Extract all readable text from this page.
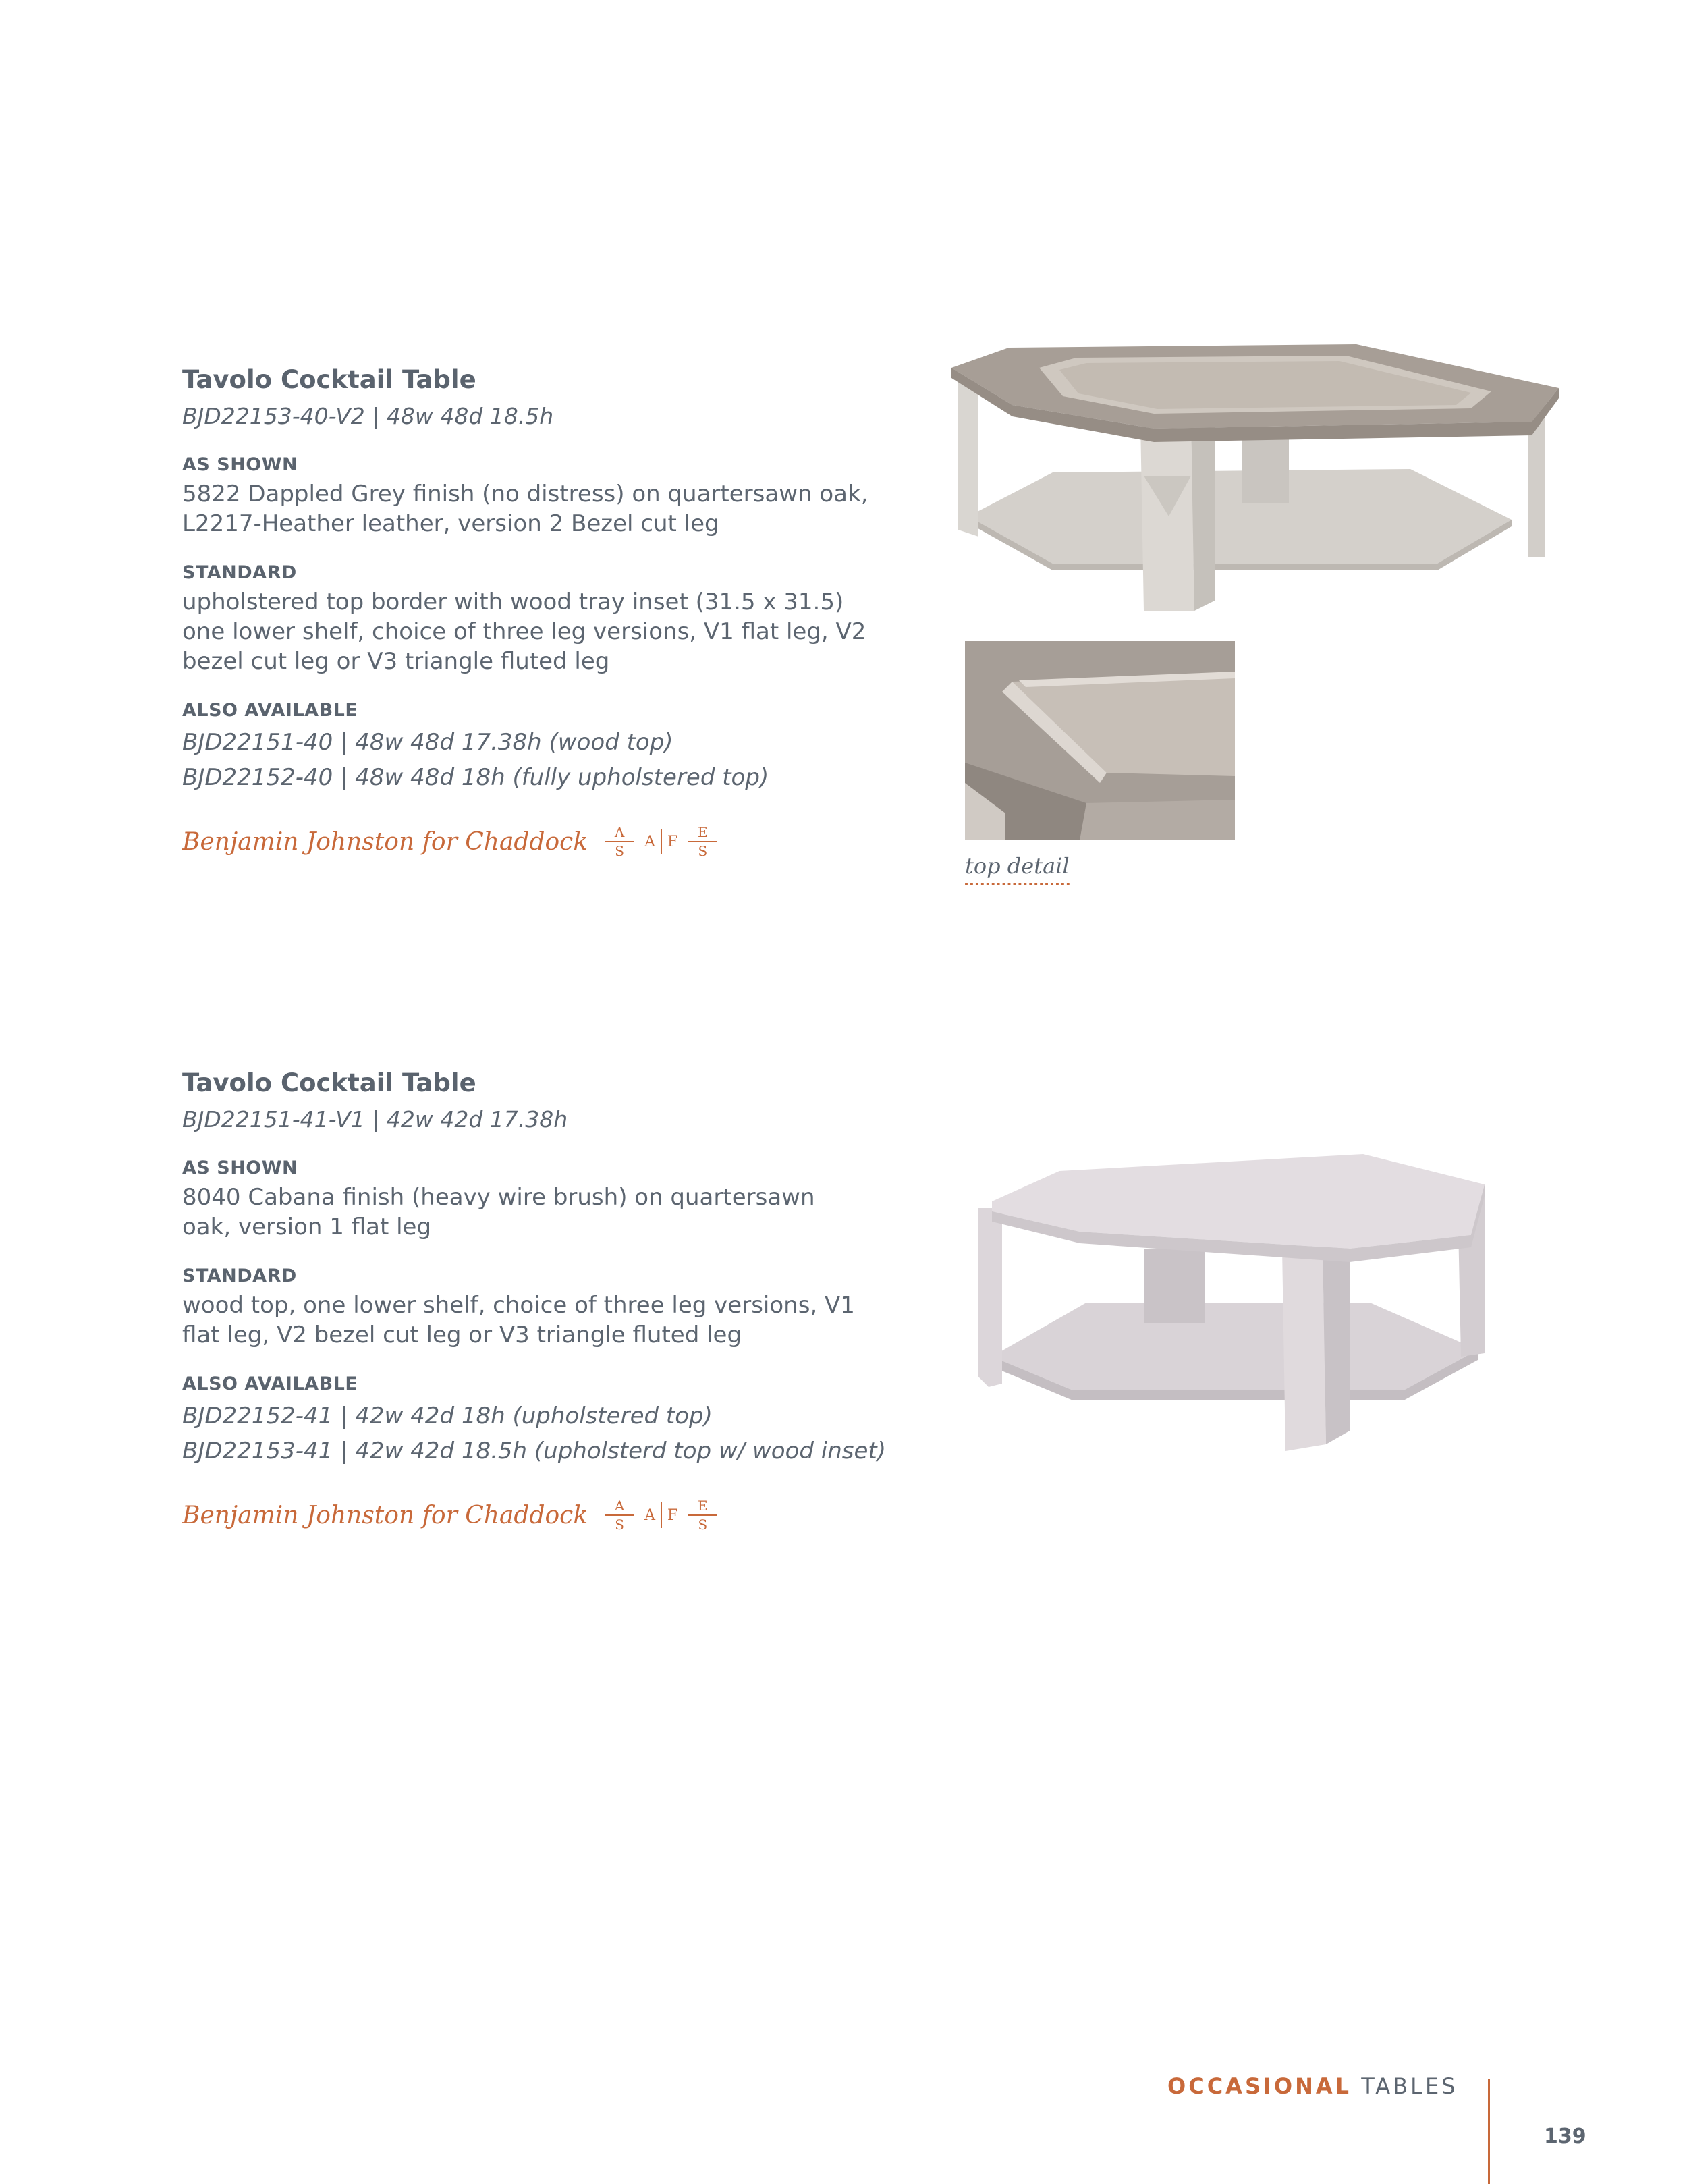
Tavolo Cocktail Table
BJD22153-40-V2 | 48w 48d 18.5h
AS SHOWN
5822 Dappled Grey finish (no distress) on quartersawn oak,
L2217-Heather leather, version 2 Bezel cut leg
STANDARD
upholstered top border with wood tray inset (31.5 x 31.5)
one lower shelf, choice of three leg versions, V1 flat leg, V2
bezel cut leg or V3 triangle fluted leg
ALSO AVAILABLE
BJD22151-40 | 48w 48d 17.38h (wood top)
BJD22152-40 | 48w 48d 18h (fully upholstered top)
Benjamin Johnston for Chaddock $\frac{A}{S}$ A F $\frac{E}{S}$
top detail
Tavolo Cocktail Table
BJD22151-41-V1 | 42w 42d 17.38h
AS SHOWN
8040 Cabana finish (heavy wire brush) on quartersawn
oak, version 1 flat leg
STANDARD
wood top, one lower shelf, choice of three leg versions, V1
flat leg, V2 bezel cut leg or V3 triangle fluted leg
ALSO AVAILABLE
BJD22152-41 | 42w 42d 18h (upholstered top)
BJD22153-41 | 42w 42d 18.5h (upholsterd top w/ wood inset)
Benjamin Johnston for Chaddock $\frac{A}{S}$ A F $\frac{E}{S}$
OCCASIONAL TABLES
139
